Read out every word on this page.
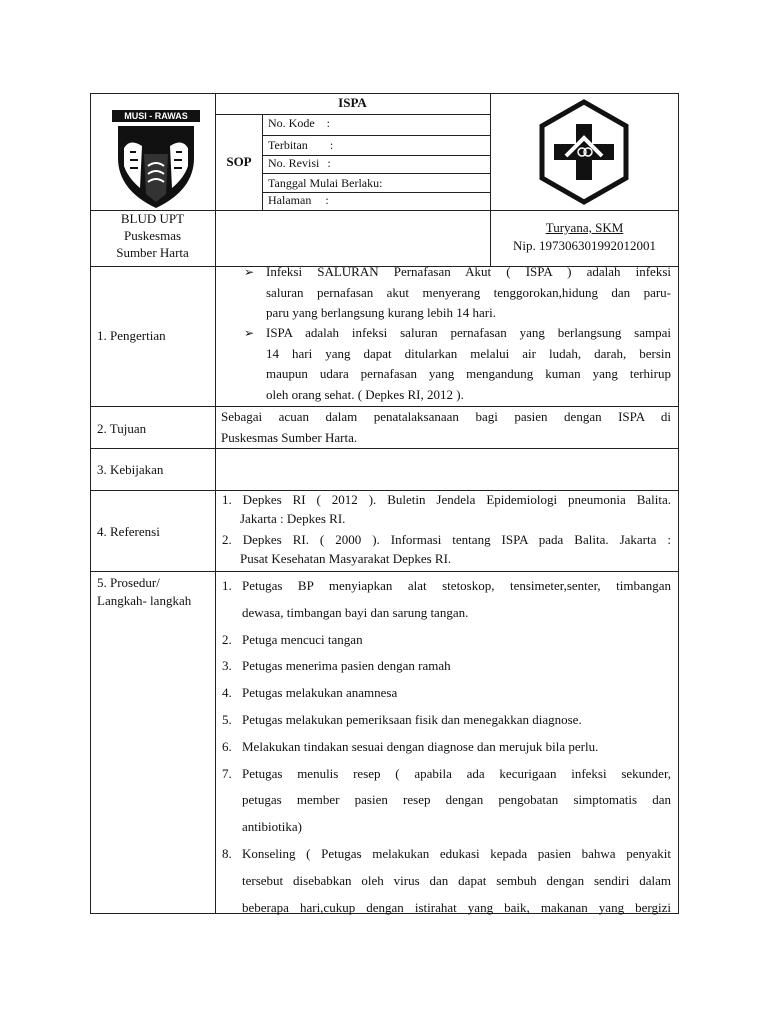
MUSI - RAWAS
ISPA
SOP
No. Kode :
Terbitan :
No. Revisi :
Tanggal Mulai Berlaku:
Halaman :
BLUD UPT
Puskesmas
Sumber Harta
Turyana, SKM
Nip. 197306301992012001
1. Pengertian
➢ Infeksi SALURAN Pernafasan Akut ( ISPA ) adalah infeksi
saluran pernafasan akut menyerang tenggorokan,hidung dan paru-
paru yang berlangsung kurang lebih 14 hari.
➢ ISPA adalah infeksi saluran pernafasan yang berlangsung sampai
14 hari yang dapat ditularkan melalui air ludah, darah, bersin
maupun udara pernafasan yang mengandung kuman yang terhirup
oleh orang sehat. ( Depkes RI, 2012 ).
2. Tujuan
Sebagai acuan dalam penatalaksanaan bagi pasien dengan ISPA di
Puskesmas Sumber Harta.
3. Kebijakan
4. Referensi
1. Depkes RI ( 2012 ). Buletin Jendela Epidemiologi pneumonia Balita.
Jakarta : Depkes RI.
2. Depkes RI. ( 2000 ). Informasi tentang ISPA pada Balita. Jakarta :
Pusat Kesehatan Masyarakat Depkes RI.
5. Prosedur/
Langkah- langkah
1. Petugas BP menyiapkan alat stetoskop, tensimeter,senter, timbangan
dewasa, timbangan bayi dan sarung tangan.
2. Petuga mencuci tangan
3. Petugas menerima pasien dengan ramah
4. Petugas melakukan anamnesa
5. Petugas melakukan pemeriksaan fisik dan menegakkan diagnose.
6. Melakukan tindakan sesuai dengan diagnose dan merujuk bila perlu.
7. Petugas menulis resep ( apabila ada kecurigaan infeksi sekunder,
petugas member pasien resep dengan pengobatan simptomatis dan
antibiotika)
8. Konseling ( Petugas melakukan edukasi kepada pasien bahwa penyakit
tersebut disebabkan oleh virus dan dapat sembuh dengan sendiri dalam
beberapa hari,cukup dengan istirahat yang baik, makanan yang bergizi
